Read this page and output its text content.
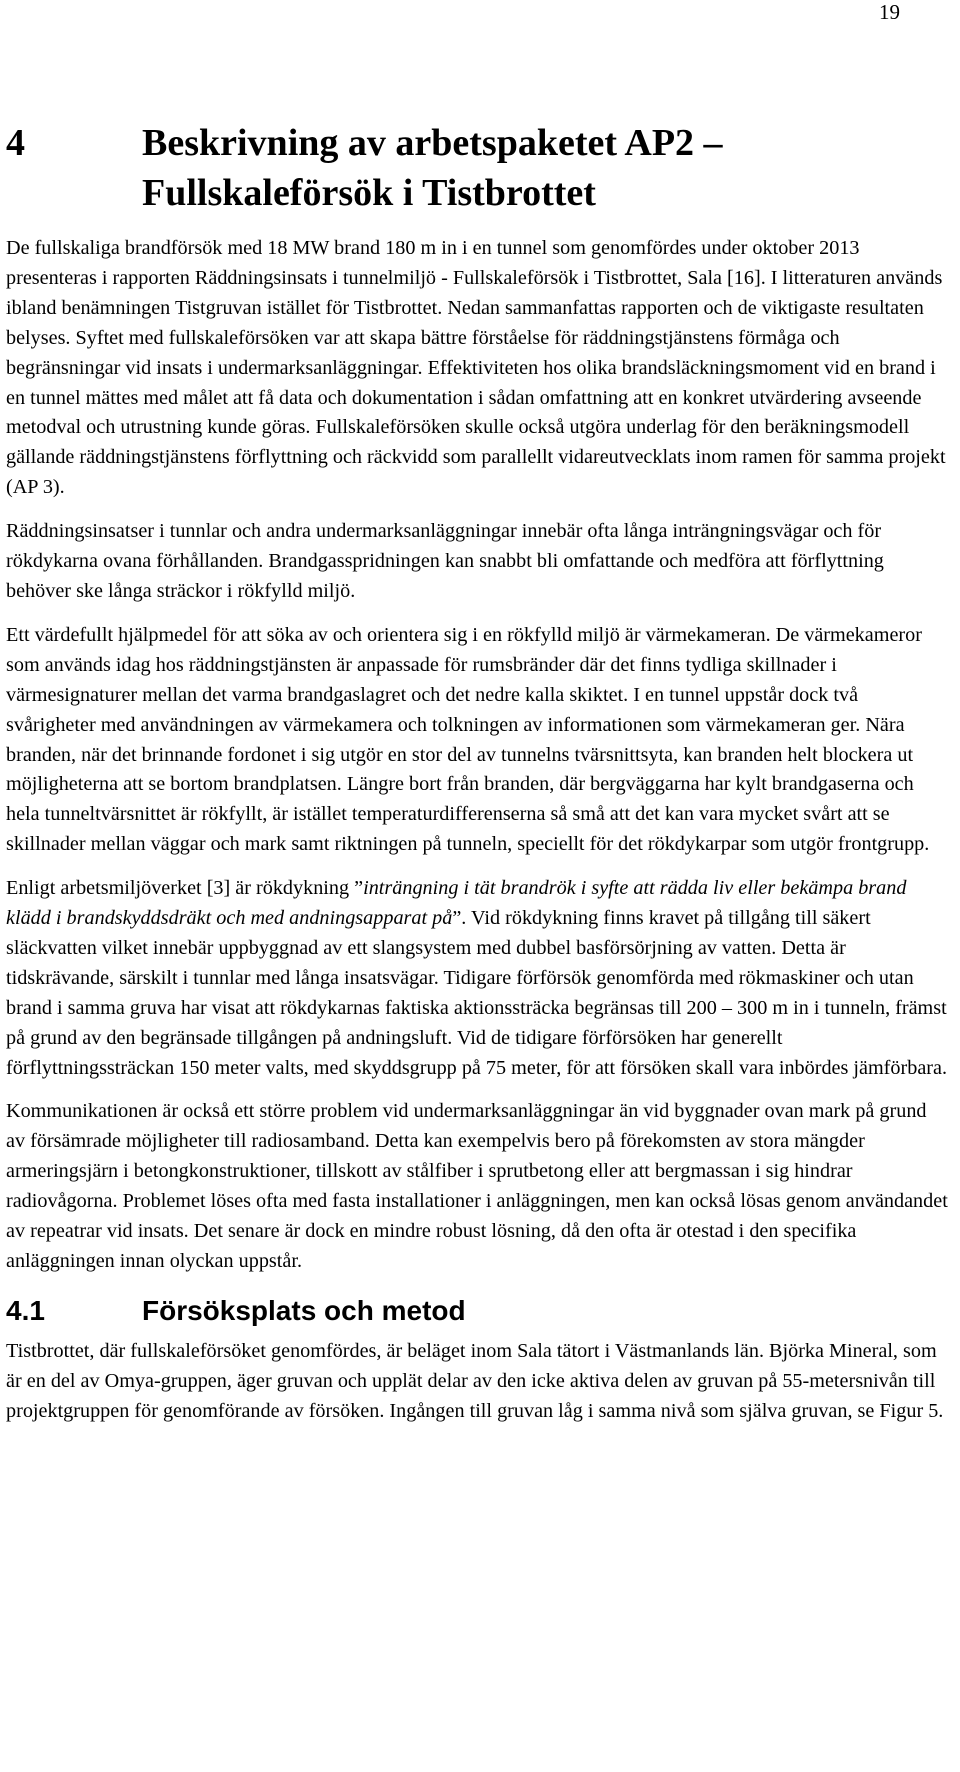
19
4	Beskrivning av arbetspaketet AP2 –
Fullskaleförsök i Tistbrottet

De fullskaliga brandförsök med 18 MW brand 180 m in i en tunnel som genomfördes under oktober 2013 presenteras i rapporten Räddningsinsats i tunnelmiljö - Fullskaleförsök i Tistbrottet, Sala [16]. I litteraturen används ibland benämningen Tistgruvan istället för Tistbrottet. Nedan sammanfattas rapporten och de viktigaste resultaten belyses. Syftet med fullskaleförsöken var att skapa bättre förståelse för räddningstjänstens förmåga och begränsningar vid insats i undermarksanläggningar. Effektiviteten hos olika brandsläckningsmoment vid en brand i en tunnel mättes med målet att få data och dokumentation i sådan omfattning att en konkret utvärdering avseende metodval och utrustning kunde göras. Fullskaleförsöken skulle också utgöra underlag för den beräkningsmodell gällande räddningstjänstens förflyttning och räckvidd som parallellt vidareutvecklats inom ramen för samma projekt (AP 3).

Räddningsinsatser i tunnlar och andra undermarksanläggningar innebär ofta långa inträngningsvägar och för rökdykarna ovana förhållanden. Brandgasspridningen kan snabbt bli omfattande och medföra att förflyttning behöver ske långa sträckor i rökfylld miljö.

Ett värdefullt hjälpmedel för att söka av och orientera sig i en rökfylld miljö är värmekameran. De värmekameror som används idag hos räddningstjänsten är anpassade för rumsbränder där det finns tydliga skillnader i värmesignaturer mellan det varma brandgaslagret och det nedre kalla skiktet. I en tunnel uppstår dock två svårigheter med användningen av värmekamera och tolkningen av informationen som värmekameran ger. Nära branden, när det brinnande fordonet i sig utgör en stor del av tunnelns tvärsnittsyta, kan branden helt blockera ut möjligheterna att se bortom brandplatsen. Längre bort från branden, där bergväggarna har kylt brandgaserna och hela tunneltvärsnittet är rökfyllt, är istället temperaturdifferenserna så små att det kan vara mycket svårt att se skillnader mellan väggar och mark samt riktningen på tunneln, speciellt för det rökdykarpar som utgör frontgrupp.

Enligt arbetsmiljöverket [3] är rökdykning ”inträngning i tät brandrök i syfte att rädda liv eller bekämpa brand klädd i brandskyddsdräkt och med andningsapparat på”. Vid rökdykning finns kravet på tillgång till säkert släckvatten vilket innebär uppbyggnad av ett slangsystem med dubbel basförsörjning av vatten. Detta är tidskrävande, särskilt i tunnlar med långa insatsvägar. Tidigare förförsök genomförda med rökmaskiner och utan brand i samma gruva har visat att rökdykarnas faktiska aktionssträcka begränsas till 200 – 300 m in i tunneln, främst på grund av den begränsade tillgången på andningsluft. Vid de tidigare förförsöken har generellt förflyttningssträckan 150 meter valts, med skyddsgrupp på 75 meter, för att försöken skall vara inbördes jämförbara.

Kommunikationen är också ett större problem vid undermarksanläggningar än vid byggnader ovan mark på grund av försämrade möjligheter till radiosamband. Detta kan exempelvis bero på förekomsten av stora mängder armeringsjärn i betongkonstruktioner, tillskott av stålfiber i sprutbetong eller att bergmassan i sig hindrar radiovågorna. Problemet löses ofta med fasta installationer i anläggningen, men kan också lösas genom användandet av repeatrar vid insats. Det senare är dock en mindre robust lösning, då den ofta är otestad i den specifika anläggningen innan olyckan uppstår.

4.1	Försöksplats och metod

Tistbrottet, där fullskaleförsöket genomfördes, är beläget inom Sala tätort i Västmanlands län. Björka Mineral, som är en del av Omya-gruppen, äger gruvan och upplät delar av den icke aktiva delen av gruvan på 55-metersnivån till projektgruppen för genomförande av försöken. Ingången till gruvan låg i samma nivå som själva gruvan, se Figur 5.
